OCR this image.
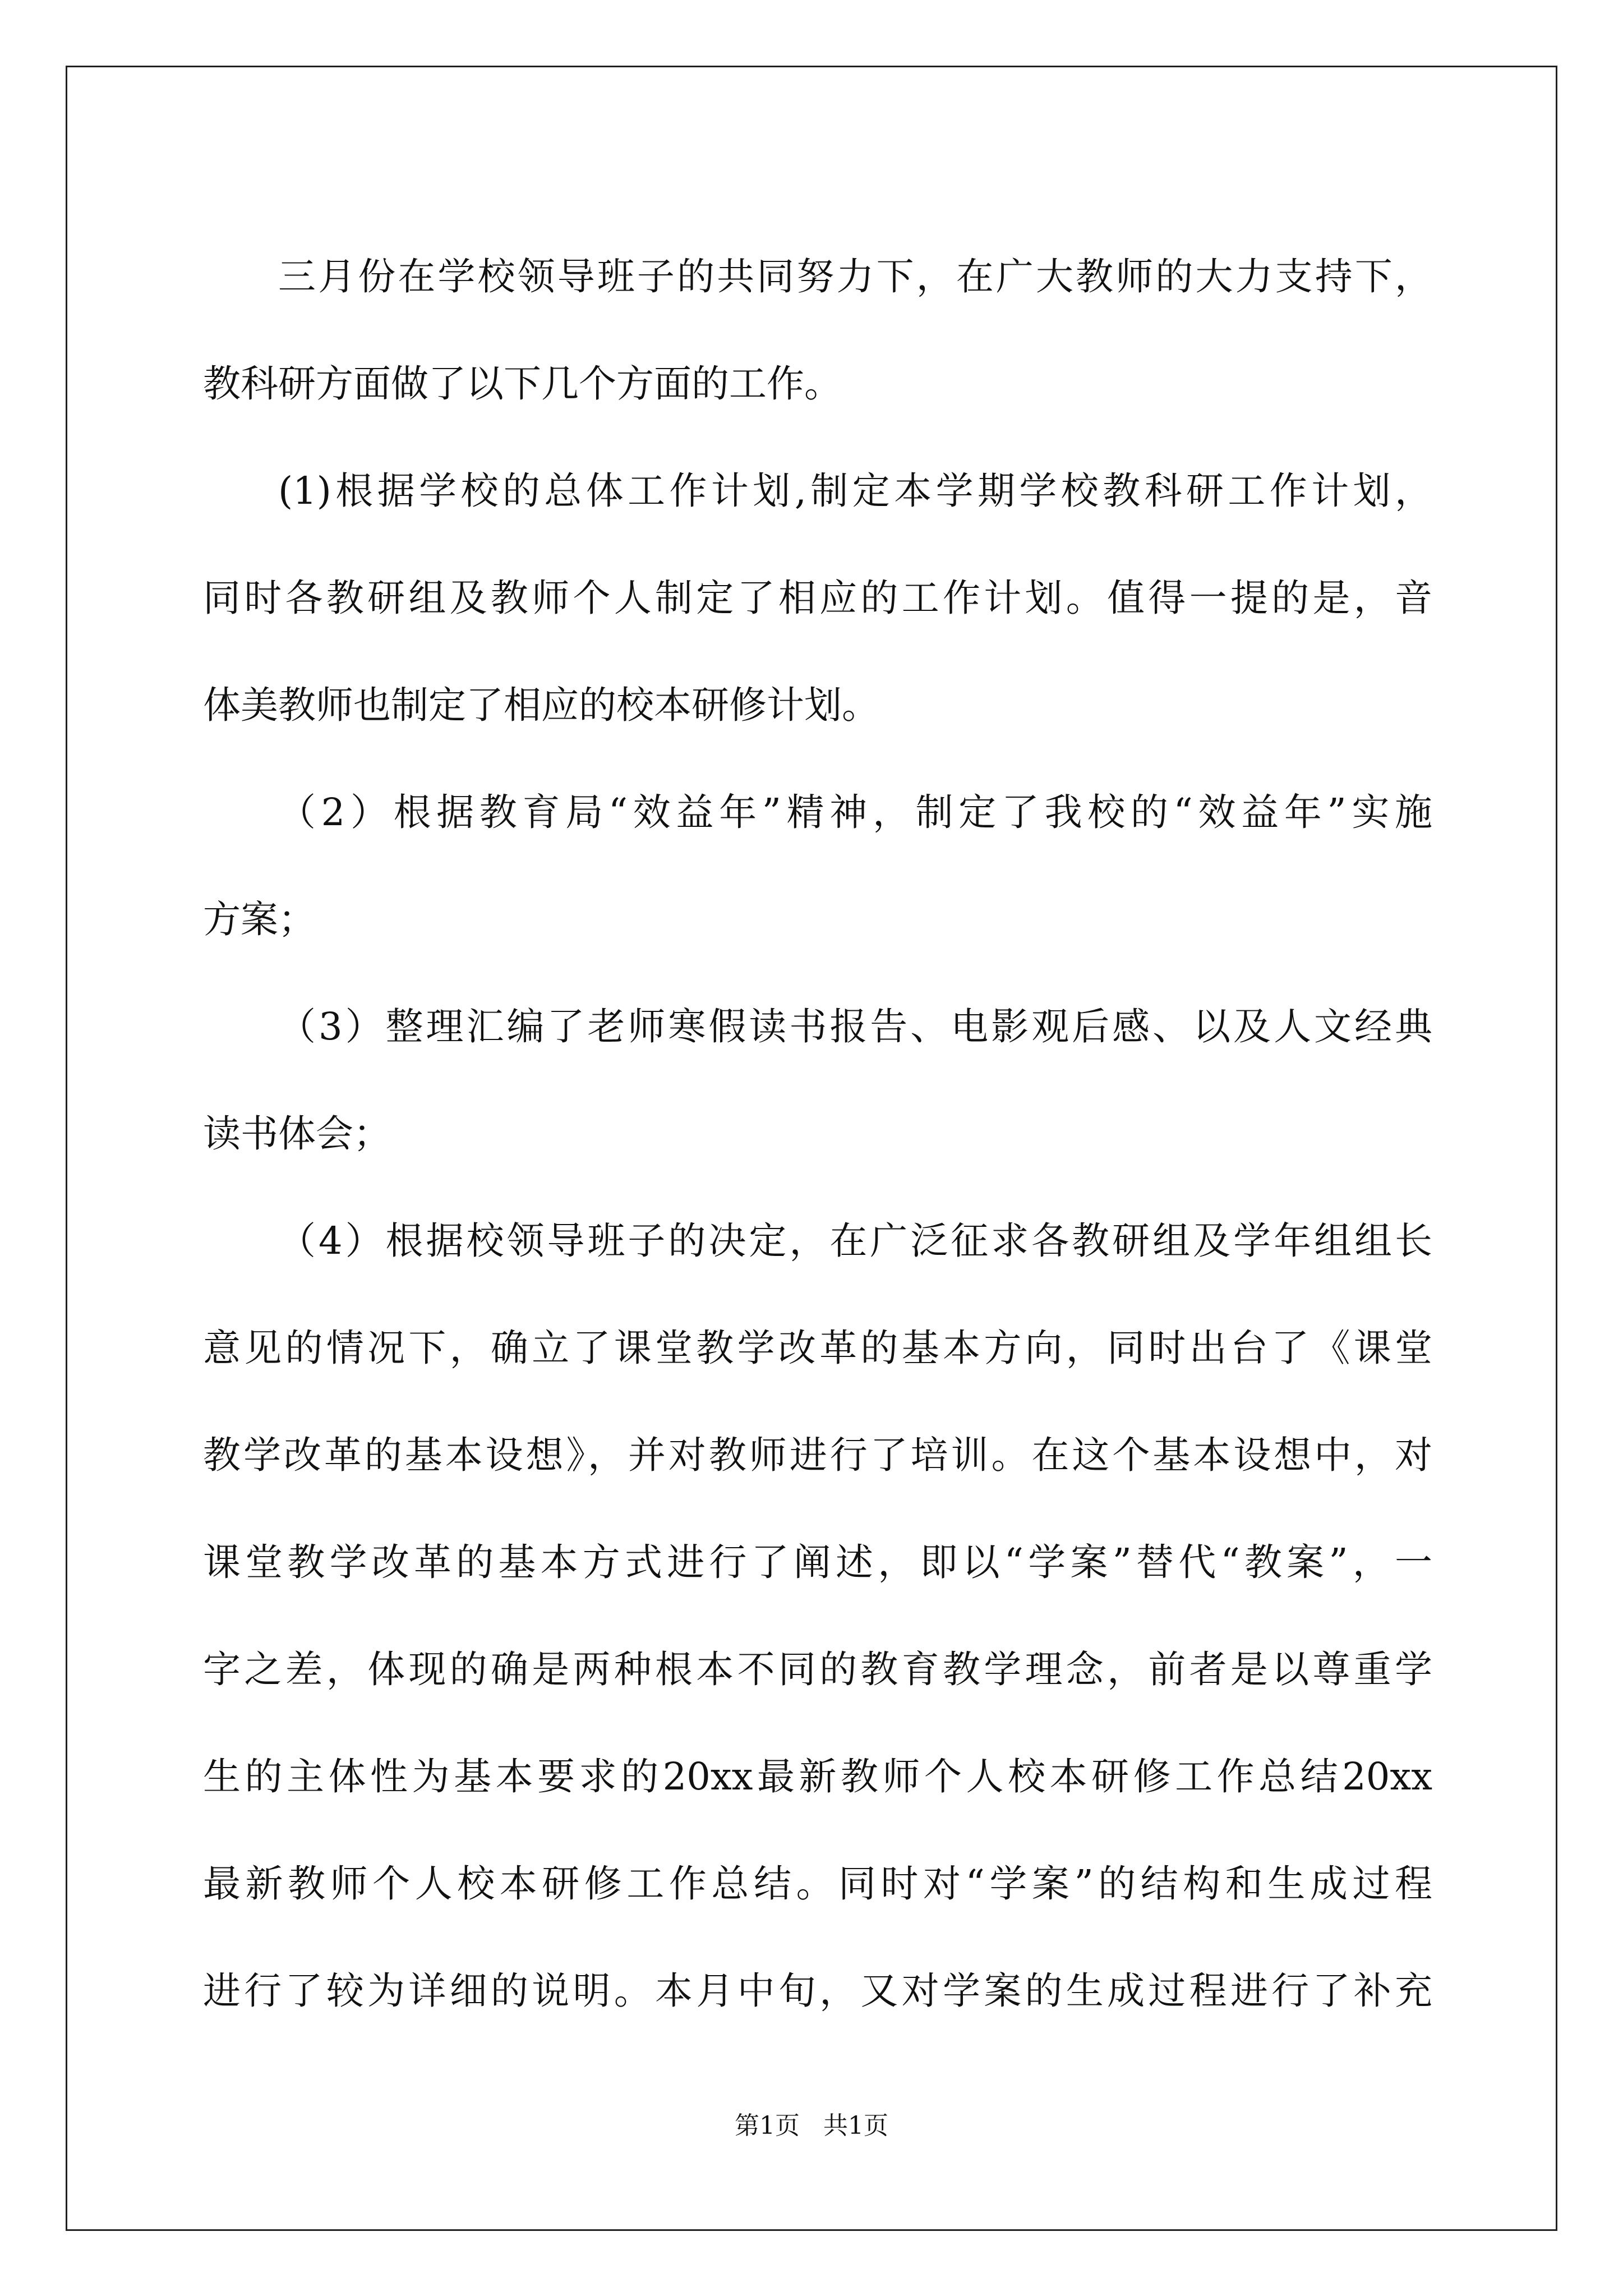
三月份在学校领导班子的共同努力下，在广大教师的大力支持下，
教科研方面做了以下几个方面的工作。
(1)根据学校的总体工作计划,制定本学期学校教科研工作计划，
同时各教研组及教师个人制定了相应的工作计划。值得一提的是，音
体美教师也制定了相应的校本研修计划。
（2）根据教育局“效益年”精神，制定了我校的“效益年”实施
方案；
（3）整理汇编了老师寒假读书报告、电影观后感、以及人文经典
读书体会；
（4）根据校领导班子的决定，在广泛征求各教研组及学年组组长
意见的情况下，确立了课堂教学改革的基本方向，同时出台了《课堂
教学改革的基本设想》，并对教师进行了培训。在这个基本设想中，对
课堂教学改革的基本方式进行了阐述，即以“学案”替代“教案”，一
字之差，体现的确是两种根本不同的教育教学理念，前者是以尊重学
生的主体性为基本要求的20xx最新教师个人校本研修工作总结20xx
最新教师个人校本研修工作总结。同时对“学案”的结构和生成过程
进行了较为详细的说明。本月中旬，又对学案的生成过程进行了补充
第1页   共1页
